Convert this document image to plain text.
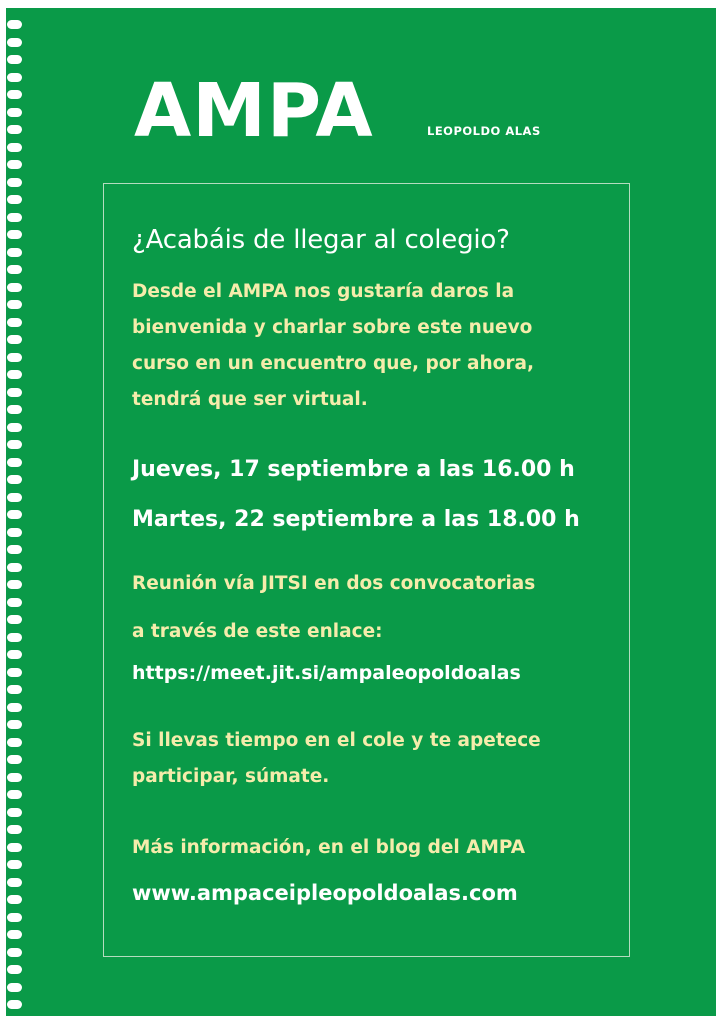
AMPA	LEOPOLDO ALAS
¿Acabáis de llegar al colegio?
Desde el AMPA nos gustaría daros la
bienvenida y charlar sobre este nuevo
curso en un encuentro que, por ahora,
tendrá que ser virtual.
Jueves, 17 septiembre a las 16.00 h
Martes, 22 septiembre a las 18.00 h
Reunión vía JITSI en dos convocatorias
a través de este enlace:
https://meet.jit.si/ampaleopoldoalas
Si llevas tiempo en el cole y te apetece
participar, súmate.
Más información, en el blog del AMPA
www.ampaceipleopoldoalas.com
